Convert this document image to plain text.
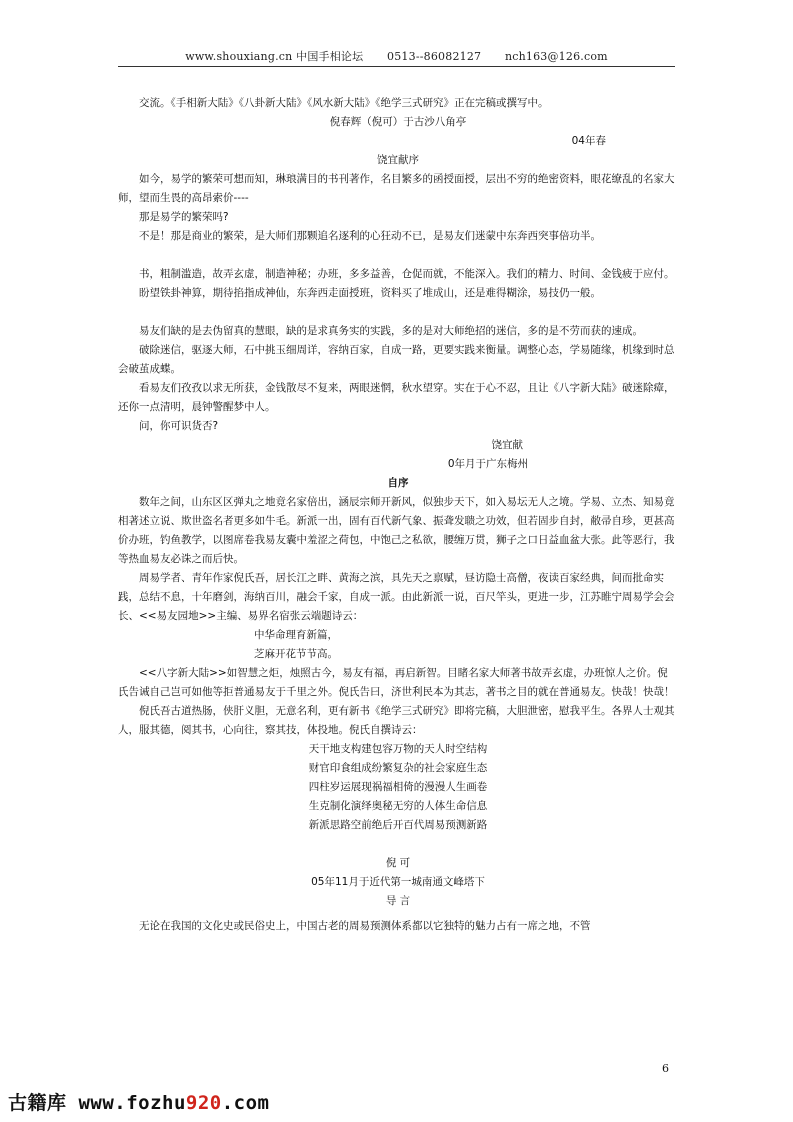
www.shouxiang.cn 中国手相论坛 0513--86082127 nch163@126.com

交流。《手相新大陆》《八卦新大陆》《风水新大陆》《绝学三式研究》正在完稿或撰写中。

倪春辉（倪可）于古沙八角亭

04年春

饶宜献序

如今，易学的繁荣可想而知，琳琅满目的书刊著作，名目繁多的函授面授，层出不穷的绝密资料，眼花缭乱的名家大师，望而生畏的高昂索价----

那是易学的繁荣吗?

不是！那是商业的繁荣，是大师们那颗追名逐利的心狂动不已，是易友们迷蒙中东奔西突事倍功半。

书，粗制滥造，故弄玄虚，制造神秘；办班，多多益善，仓促而就，不能深入。我们的精力、时间、金钱疲于应付。

盼望铁卦神算，期待掐指成神仙，东奔西走面授班，资料买了堆成山，还是难得糊涂，易技仍一般。

易友们缺的是去伪留真的慧眼，缺的是求真务实的实践，多的是对大师绝招的迷信，多的是不劳而获的速成。

破除迷信，驱逐大师，石中挑玉细周详，容纳百家，自成一路，更要实践来衡量。调整心态，学易随缘，机缘到时总会破茧成蝶。

看易友们孜孜以求无所获，金钱散尽不复来，两眼迷惘，秋水望穿。实在于心不忍，且让《八字新大陆》破迷除瘴，还你一点清明，晨钟警醒梦中人。

问，你可识货否?

饶宜献

0年月于广东梅州

自序

数年之间，山东区区弹丸之地竟名家倍出，涵辰宗师开新风，似独步天下，如入易坛无人之境。学易、立杰、知易竟相著述立说、欺世盗名者更多如牛毛。新派一出，固有百代新气象、振聋发聩之功效，但若固步自封，敝帚自珍，更甚高价办班，钓鱼教学，以图席卷我易友囊中羞涩之荷包，中饱己之私欲，腰缠万贯，狮子之口日益血盆大张。此等恶行，我等热血易友必诛之而后快。

周易学者、青年作家倪氏吾，居长江之畔、黄海之滨，具先天之禀赋，昼访隐士高僧，夜读百家经典，间而批命实践，总结不息，十年磨剑，海纳百川，融会千家，自成一派。由此新派一说，百尺竿头，更进一步，江苏睢宁周易学会会长、<<易友园地>>主编、易界名宿张云端题诗云：

中华命理育新篇，

芝麻开花节节高。

<<八字新大陆>>如智慧之炬，烛照古今，易友有福，再启新智。目睹名家大师著书故弄玄虚，办班惊人之价。倪氏告诫自己岂可如他等拒普通易友于千里之外。倪氏告曰，济世利民本为其志，著书之目的就在普通易友。快哉！快哉！

倪氏吾古道热肠，侠肝义胆，无意名利，更有新书《绝学三式研究》即将完稿，大胆泄密，慰我平生。各界人士观其人，服其德，阅其书，心向往，察其技，体投地。倪氏自撰诗云：

天干地支构建包容万物的天人时空结构

财官印食组成纷繁复杂的社会家庭生态

四柱岁运展现祸福相倚的漫漫人生画卷

生克制化演绎奥秘无穷的人体生命信息

新派思路空前绝后开百代周易预测新路

倪 可

05年11月于近代第一城南通文峰塔下

导 言

无论在我国的文化史或民俗史上，中国古老的周易预测体系都以它独特的魅力占有一席之地，不管

6
古籍库 www.fozhu920.com
